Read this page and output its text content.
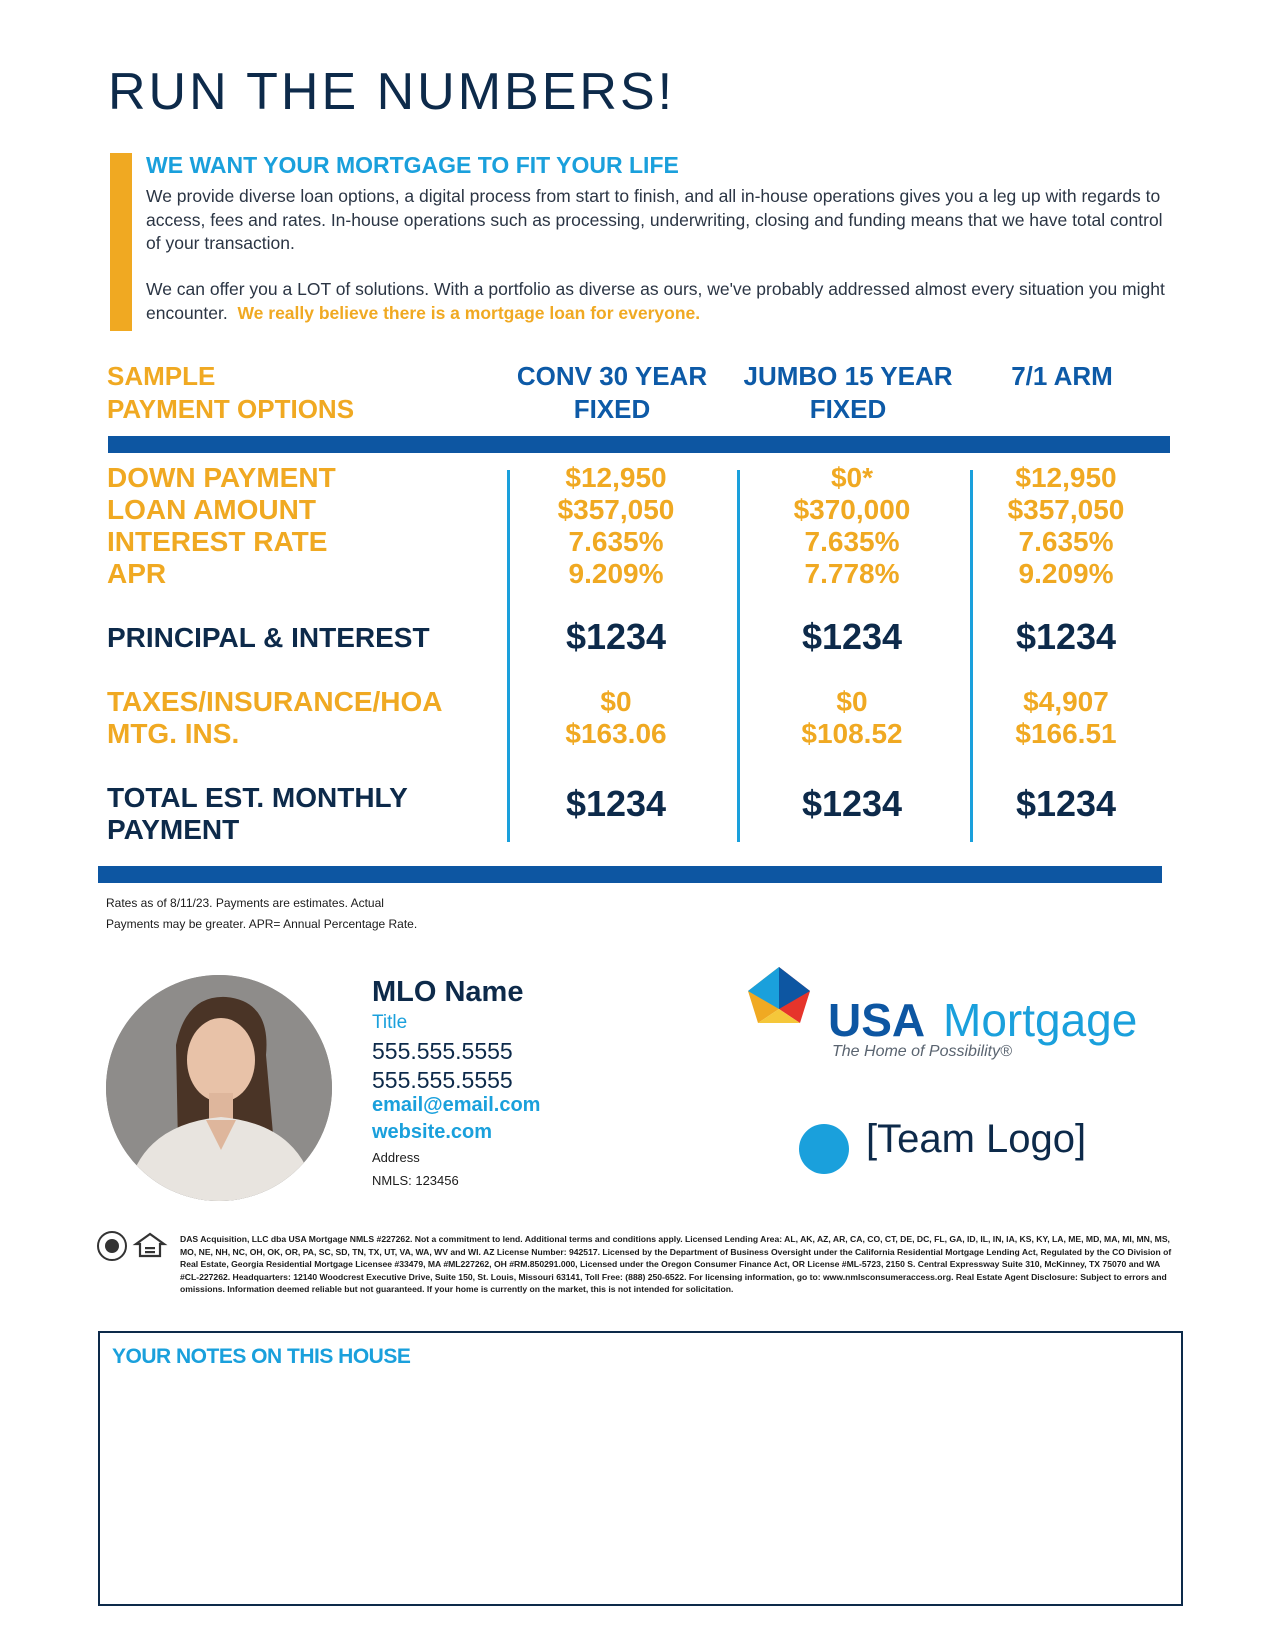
RUN THE NUMBERS!
WE WANT YOUR MORTGAGE TO FIT YOUR LIFE
We provide diverse loan options, a digital process from start to finish, and all in-house operations gives you a leg up with regards to access, fees and rates. In-house operations such as processing, underwriting, closing and funding means that we have total control of your transaction.
We can offer you a LOT of solutions. With a portfolio as diverse as ours, we've probably addressed almost every situation you might encounter. We really believe there is a mortgage loan for everyone.
SAMPLE
PAYMENT OPTIONS
CONV 30 YEAR
FIXED
JUMBO 15 YEAR
FIXED
7/1 ARM
DOWN PAYMENT
LOAN AMOUNT
INTEREST RATE
APR
PRINCIPAL & INTEREST
TAXES/INSURANCE/HOA
MTG. INS.
TOTAL EST. MONTHLY
PAYMENT
$12,950
$357,050
7.635%
9.209%
$1234
$0
$163.06
$1234
$0*
$370,000
7.635%
7.778%
$1234
$0
$108.52
$1234
$12,950
$357,050
7.635%
9.209%
$1234
$4,907
$166.51
$1234
Rates as of 8/11/23. Payments are estimates. Actual
Payments may be greater. APR= Annual Percentage Rate.
MLO Name
Title
555.555.5555
555.555.5555
email@email.com
website.com
Address
NMLS: 123456
USA Mortgage
The Home of Possibility®
[Team Logo]
DAS Acquisition, LLC dba USA Mortgage NMLS #227262. Not a commitment to lend. Additional terms and conditions apply. Licensed Lending Area: AL, AK, AZ, AR, CA, CO, CT, DE, DC, FL, GA, ID, IL, IN, IA, KS, KY, LA, ME, MD, MA, MI, MN, MS, MO, NE, NH, NC, OH, OK, OR, PA, SC, SD, TN, TX, UT, VA, WA, WV and WI. AZ License Number: 942517. Licensed by the Department of Business Oversight under the California Residential Mortgage Lending Act, Regulated by the CO Division of Real Estate, Georgia Residential Mortgage Licensee #33479, MA #ML227262, OH #RM.850291.000, Licensed under the Oregon Consumer Finance Act, OR License #ML-5723, 2150 S. Central Expressway Suite 310, McKinney, TX 75070 and WA #CL-227262. Headquarters: 12140 Woodcrest Executive Drive, Suite 150, St. Louis, Missouri 63141, Toll Free: (888) 250-6522. For licensing information, go to: www.nmlsconsumeraccess.org. Real Estate Agent Disclosure: Subject to errors and omissions. Information deemed reliable but not guaranteed. If your home is currently on the market, this is not intended for solicitation.
YOUR NOTES ON THIS HOUSE
